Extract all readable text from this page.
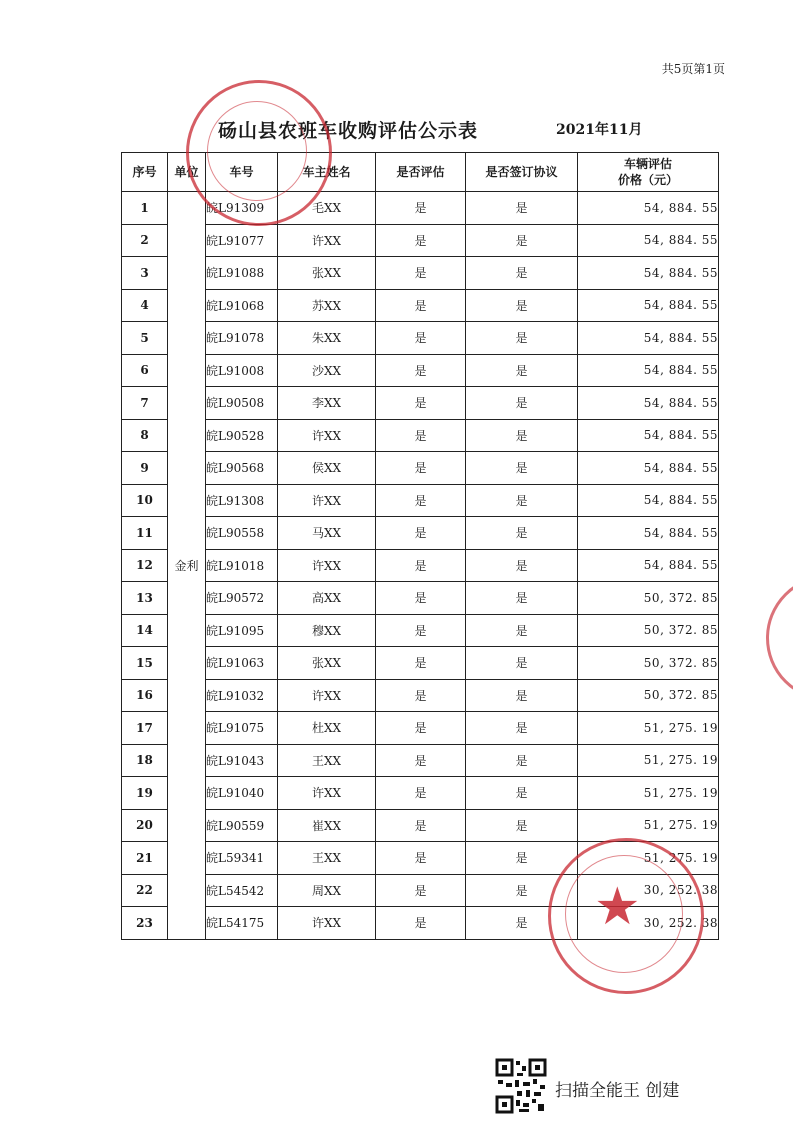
共5页第1页
砀山县农班车收购评估公示表	2021年11月
序号	单位	车号	车主姓名	是否评估	是否签订协议	车辆评估
价格（元）
1	金利	皖L91309	毛XX	是	是	54, 884. 55
2		皖L91077	许XX	是	是	54, 884. 55
3		皖L91088	张XX	是	是	54, 884. 55
4		皖L91068	苏XX	是	是	54, 884. 55
5		皖L91078	朱XX	是	是	54, 884. 55
6		皖L91008	沙XX	是	是	54, 884. 55
7		皖L90508	李XX	是	是	54, 884. 55
8		皖L90528	许XX	是	是	54, 884. 55
9		皖L90568	侯XX	是	是	54, 884. 55
10		皖L91308	许XX	是	是	54, 884. 55
11		皖L90558	马XX	是	是	54, 884. 55
12		皖L91018	许XX	是	是	54, 884. 55
13		皖L90572	高XX	是	是	50, 372. 85
14		皖L91095	穆XX	是	是	50, 372. 85
15		皖L91063	张XX	是	是	50, 372. 85
16		皖L91032	许XX	是	是	50, 372. 85
17		皖L91075	杜XX	是	是	51, 275. 19
18		皖L91043	王XX	是	是	51, 275. 19
19		皖L91040	许XX	是	是	51, 275. 19
20		皖L90559	崔XX	是	是	51, 275. 19
21		皖L59341	王XX	是	是	51, 275. 19
22		皖L54542	周XX	是	是	30, 252. 38
23		皖L54175	许XX	是	是	30, 252. 38
★
扫描全能王 创建
